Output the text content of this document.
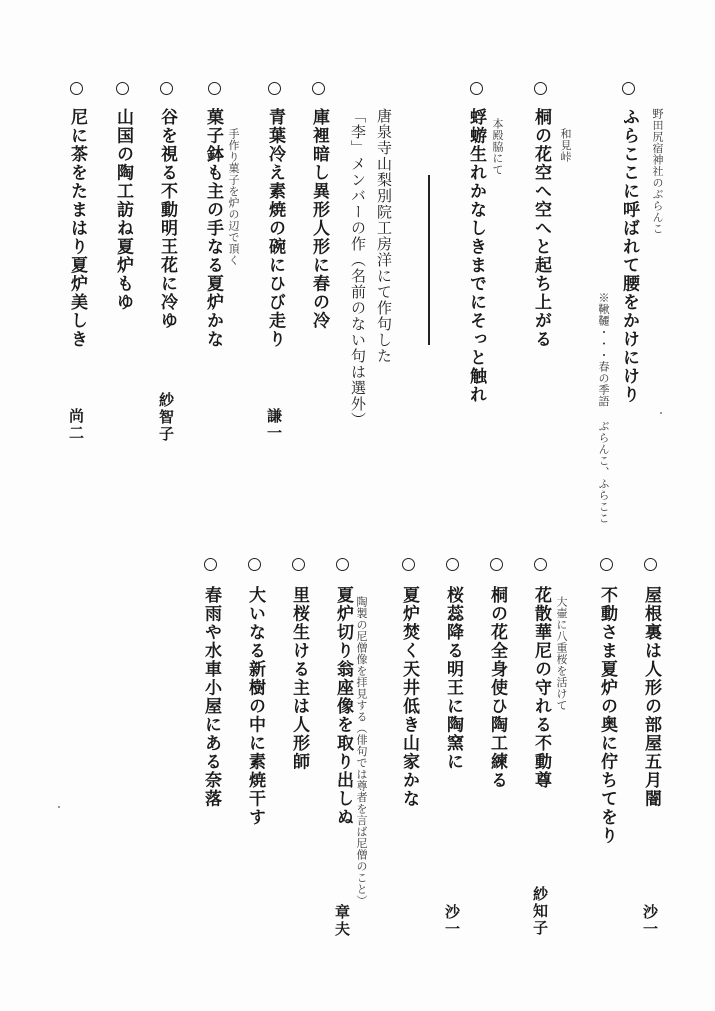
野田尻宿神社のぶらんこ
ふらここに呼ばれて腰をかけにけり
※鞦韆・・・春の季語 ぶらんこ、ふらここ
和見峠
桐の花空へ空へと起ち上がる
本殿脇にて
蜉蝣生れかなしきまでにそっと触れ
唐泉寺山梨別院工房洋にて作句した
「李」メンバーの作（名前のない句は選外）
庫裡暗し異形人形に春の冷
青葉冷え素焼の碗にひび走り
謙一
手作り菓子を炉の辺で頂く
菓子鉢も主の手なる夏炉かな
谷を視る不動明王花に冷ゆ
紗智子
山国の陶工訪ね夏炉もゆ
尼に茶をたまはり夏炉美しき
尚二
屋根裏は人形の部屋五月闇
沙一
不動さま夏炉の奥に佇ちてをり
大壷に八重桜を活けて
花散華尼の守れる不動尊
紗知子
桐の花全身使ひ陶工練る
桜蕊降る明王に陶窯に
沙一
夏炉焚く天井低き山家かな
陶製の尼僧像を拝見する（俳句では尊者を言ば尼僧のこと）
夏炉切り翁座像を取り出しぬ
章夫
里桜生ける主は人形師
大いなる新樹の中に素焼干す
春雨や水車小屋にある奈落
